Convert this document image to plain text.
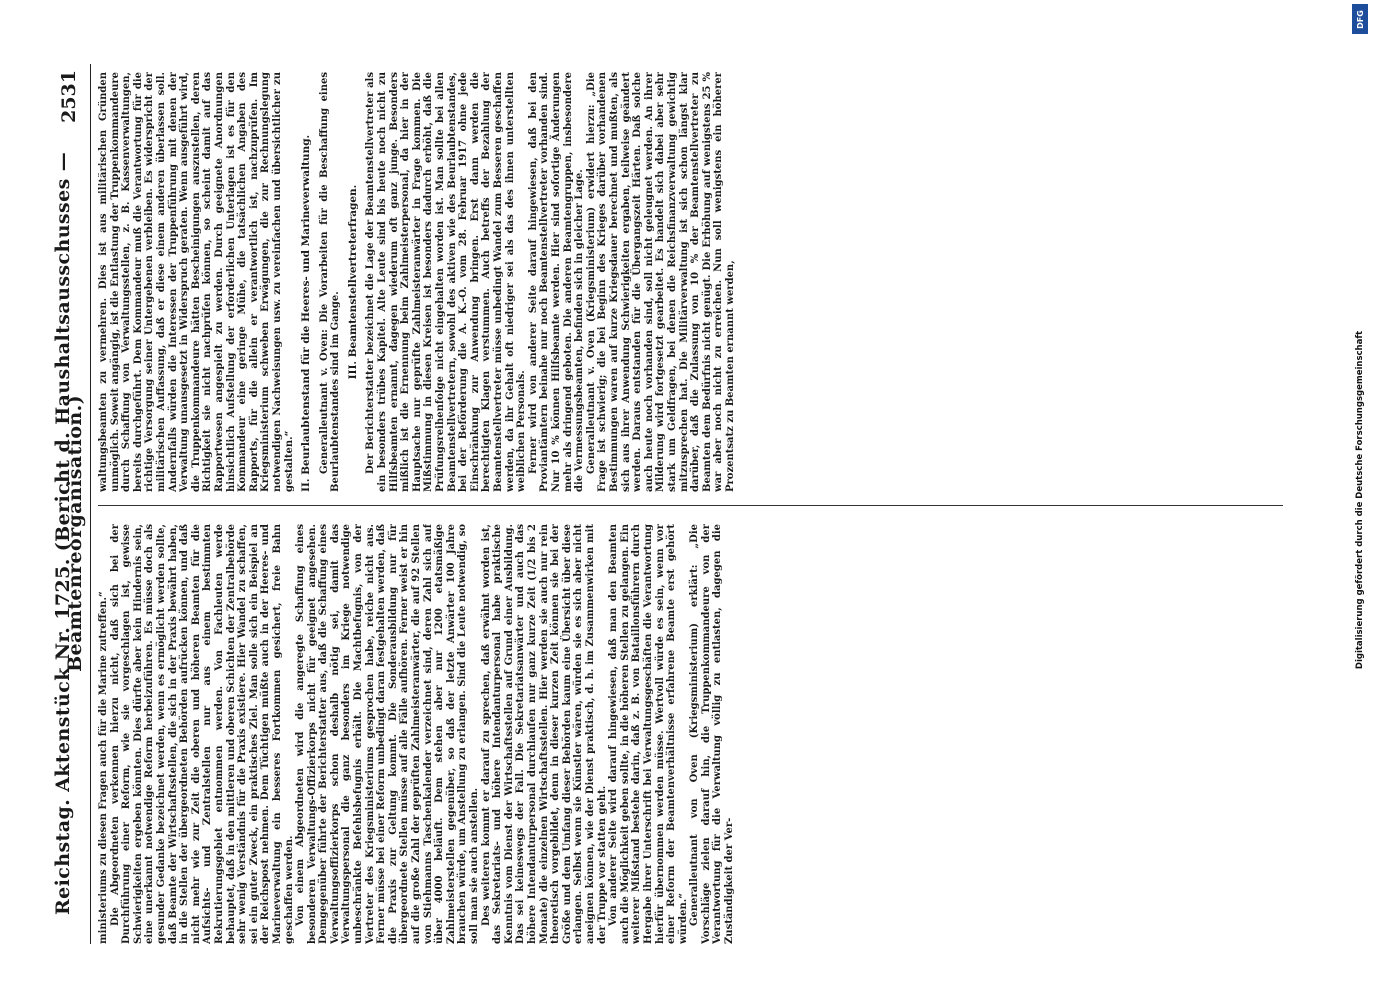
Reichstag. Aktenstück Nr. 1725. (Bericht d. Haushaltsausschusses — Beamtenreorganisation.)
2531

ministeriums zu diesen Fragen auch für die Marine zutreffen.“ Die Abgeordneten verkennen hierzu nicht, daß sich bei der Durchführung einer Reform, wie sie vorgeschlagen ist, gewisse Schwierigkeiten ergeben könnten. Dies dürfte aber kein Hindernis sein, eine unerkannt notwendige Reform herbeizuführen. Es müsse doch als gesunder Gedanke bezeichnet werden, wenn es ermöglicht werden sollte, daß Beamte der Wirtschaftsstellen, die sich in der Praxis bewährt haben, in die Stellen der übergeordneten Behörden aufrücken können, und daß nicht mehr wie zur Zeit die oberen und höheren Beamten für die Aufsichts- und Zentralstellen nur aus einem bestimmten Rekrutierungsgebiet entnommen werden. Von Fachleuten werde behauptet, daß in den mittleren und oberen Schichten der Zentralbehörde sehr wenig Verständnis für die Praxis existiere. Hier Wandel zu schaffen, sei ein guter Zweck, ein praktisches Ziel. Man solle sich ein Beispiel an der Reichspost nehmen. Dem Tüchtigen müßte auch in der Heeres- und Marineverwaltung ein besseres Fortkommen gesichert, freie Bahn geschaffen werden. Von einem Abgeordneten wird die angeregte Schaffung eines besonderen Verwaltungs-Offizierkorps nicht für geeignet angesehen. Demgegenüber führte der Berichterstatter aus, daß die Schaffung eines Verwaltungsoffizierkorps schon deshalb nötig sei, damit das Verwaltungspersonal die ganz besonders im Kriege notwendige unbeschränkte Befehlsbefugnis erhält. Die Machtbefugnis, von der Vertreter des Kriegsministeriums gesprochen habe, reiche nicht aus. Ferner müsse bei einer Reform unbedingt daran festgehalten werden, daß die Praxis zur Geltung kommt. Die Sonderausbildung nur für übergeordnete Stellen müsse auf alle Fälle aufhören. Ferner weist er hin auf die große Zahl der geprüften Zahlmeisteranwärter, die auf 92 Stellen von Stiehmanns Taschenkalender verzeichnet sind, deren Zahl sich auf über 4000 beläuft. Dem stehen aber nur 1200 etatsmäßige Zahlmeisterstellen gegenüber, so daß der letzte Anwärter 100 Jahre brauchen würde, um Anstellung zu erlangen. Sind die Leute notwendig, so soll man sie auch anstellen. Des weiteren kommt er darauf zu sprechen, daß erwähnt worden ist, das Sekretariats- und höhere Intendanturpersonal habe praktische Kenntnis vom Dienst der Wirtschaftsstellen auf Grund einer Ausbildung. Das sei keineswegs der Fall. Die Sekretariatsanwärter und auch das höhere Intendanturpersonal durchlaufen nur ganz kurze Zeit (1/2 bis 2 Monate) die einzelnen Wirtschaftsstellen. Hier werden sie auch nur rein theoretisch vorgebildet, denn in dieser kurzen Zeit können sie bei der Größe und dem Umfang dieser Behörden kaum eine Übersicht über diese erlangen. Selbst wenn sie Künstler wären, würden sie es sich aber nicht aneignen können, wie der Dienst praktisch, d. h. im Zusammenwirken mit der Truppe vor statten geht. Von anderer Seite wird darauf hingewiesen, daß man den Beamten auch die Möglichkeit geben sollte, in die höheren Stellen zu gelangen. Ein weiterer Mißstand bestehe darin, daß z. B. von Bataillonsführern durch Hergabe ihrer Unterschrift bei Verwaltungsgeschäften die Verantwortung hierfür übernommen werden müsse. Wertvoll würde es sein, wenn vor einer Reform der Beamtenverhältnisse erfahrene Beamte erst gehört würden.“ Generalleutnant von Oven (Kriegsministerium) erklärt: „Die Vorschläge zielen darauf hin, die Truppenkommandeure von der Verantwortung für die Verwaltung völlig zu entlasten, dagegen die Zuständigkeit der Ver-

waltungsbeamten zu vermehren. Dies ist aus militärischen Gründen unmöglich. Soweit angängig, ist die Entlastung der Truppenkommandeure durch Schaffung von Verwaltungsstellen, z. B. Kassenverwaltungen, bereits durchgeführt. Dem Kommandeur muß die Verantwortung für die richtige Versorgung seiner Untergebenen verbleiben. Es widerspricht der militärischen Auffassung, daß er diese einem anderen überlassen soll. Andernfalls würden die Interessen der Truppenführung mit denen der Verwaltung unausgesetzt in Widerspruch geraten. Wenn ausgeführt wird, die Truppenkommandeure hätten Bescheinigungen auszustellen, deren Richtigkeit sie nicht nachprüfen können, so scheint damit auf das Rapportwesen angespielt zu werden. Durch geeignete Anordnungen hinsichtlich Aufstellung der erforderlichen Unterlagen ist es für den Kommandeur eine geringe Mühe, die tatsächlichen Angaben des Rapports, für die allein er verantwortlich ist, nachzuprüfen. Im Kriegsministerium schweben Erwägungen, die zur Rechnungslegung notwendigen Nachweisungen usw. zu vereinfachen und übersichtlicher zu gestalten.“ II. Beurlaubtenstand für die Heeres- und Marineverwaltung. Generalleutnant v. Oven: Die Vorarbeiten für die Beschaffung eines Beurlaubtenstandes sind im Gange.

III. Beamtenstellvertreterfragen. Der Berichterstatter bezeichnet die Lage der Beamtenstellvertreter als ein besonders trübes Kapitel. Alte Leute sind bis heute noch nicht zu Hilfsbeamten ernannt, dagegen wiederum oft ganz junge. Besonders mißlich ist die Ernennung beim Zahlmeisterpersonal, da hier in der Hauptsache nur geprüfte Zahlmeisteranwärter in Frage kommen. Die Mißstimmung in diesen Kreisen ist besonders dadurch erhöht, daß die Prüfungsreihenfolge nicht eingehalten worden ist. Man sollte bei allen Beamtenstellvertretern, sowohl des aktiven wie des Beurlaubtenstandes, bei der Beförderung die A. K.-O. vom 28. Februar 1917 ohne jede Einschränkung zur Anwendung bringen. Erst dann werden die berechtigten Klagen verstummen. Auch betreffs der Bezahlung der Beamtenstellvertreter müsse unbedingt Wandel zum Besseren geschaffen werden, da ihr Gehalt oft niedriger sei als das des ihnen unterstellten weiblichen Personals. Ferner wird von anderer Seite darauf hingewiesen, daß bei den Proviantämtern beinahe nur noch Beamtenstellvertreter vorhanden sind. Nur 10 % können Hilfsbeamte werden. Hier sind sofortige Änderungen mehr als dringend geboten. Die anderen Beamtengruppen, insbesondere die Vermessungsbeamten, befinden sich in gleicher Lage. Generalleutnant v. Oven (Kriegsministerium) erwidert hierzu: „Die Frage ist schwierig; die bei Beginn des Krieges darüber vorhandenen Bestimmungen waren auf kurze Kriegsdauer berechnet und mußten, als sich aus ihrer Anwendung Schwierigkeiten ergaben, teilweise geändert werden. Daraus entstanden für die Übergangszeit Härten. Daß solche auch heute noch vorhanden sind, soll nicht geleugnet werden. An ihrer Milderung wird fortgesetzt gearbeitet. Es handelt sich dabei aber sehr stark um Geldfragen, bei denen die Reichsfinanzverwaltung gewichtig mitzusprechen hat. Die Militärverwaltung ist sich schon längst klar darüber, daß die Zulassung von 10 % der Beamtenstellvertreter zu Beamten dem Bedürfnis nicht genügt. Die Erhöhung auf wenigstens 25 % war aber noch nicht zu erreichen. Nun soll wenigstens ein höherer Prozentsatz zu Beamten ernannt werden,

DFG
Digitalisierung gefördert durch die Deutsche Forschungsgemeinschaft
